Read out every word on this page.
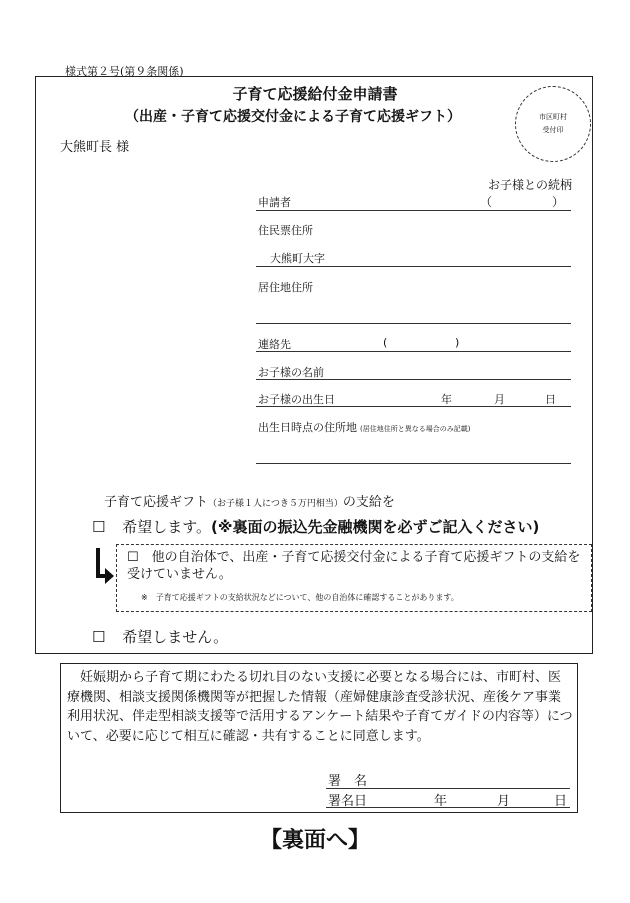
様式第２号(第９条関係)
子育て応援給付金申請書
（出産・子育て応援交付金による子育て応援ギフト）	市区町村
受付印
大熊町長 様
お子様との続柄
申請者	（　　　　　）
住民票住所
大熊町大字
居住地住所
連絡先	(	)
お子様の名前
お子様の出生日	年	月	日
出生日時点の住所地 (居住地住所と異なる場合のみ記載)
子育て応援ギフト（お子様１人につき５万円相当）の支給を
☐ 希望します。(※裏面の振込先金融機関を必ずご記入ください)
☐　他の自治体で、出産・子育て応援交付金による子育て応援ギフトの支給を受けていません。
※　子育て応援ギフトの支給状況などについて、他の自治体に確認することがあります。
☐ 希望しません。
　妊娠期から子育て期にわたる切れ目のない支援に必要となる場合には、市町村、医療機関、相談支援関係機関等が把握した情報（産婦健康診査受診状況、産後ケア事業利用状況、伴走型相談支援等で活用するアンケート結果や子育てガイドの内容等）について、必要に応じて相互に確認・共有することに同意します。
署　名
署名日	年	月	日
【裏面へ】
